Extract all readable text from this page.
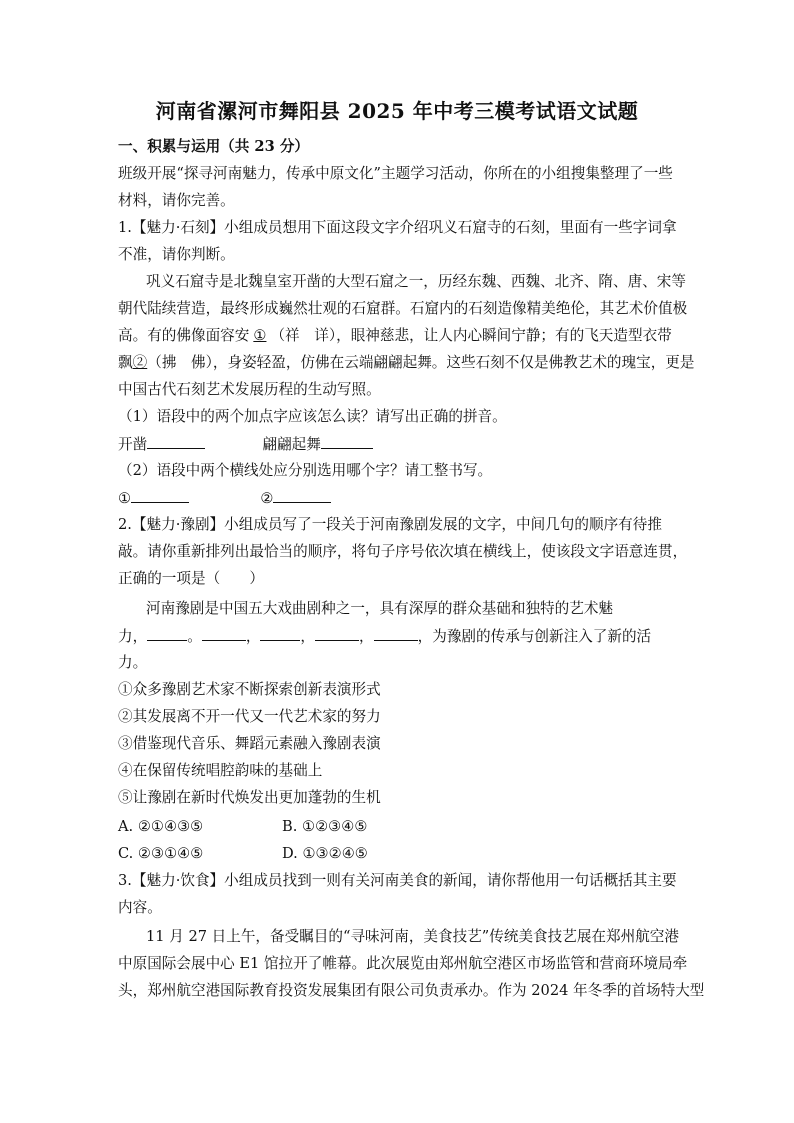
河南省漯河市舞阳县 2025 年中考三模考试语文试题
一、积累与运用（共 23 分）
班级开展“探寻河南魅力，传承中原文化”主题学习活动，你所在的小组搜集整理了一些
材料，请你完善。
1.【魅力·石刻】小组成员想用下面这段文字介绍巩义石窟寺的石刻，里面有一些字词拿
不准，请你判断。
巩义石窟寺是北魏皇室开凿的大型石窟之一，历经东魏、西魏、北齐、隋、唐、宋等
朝代陆续营造，最终形成巍然壮观的石窟群。石窟内的石刻造像精美绝伦，其艺术价值极
高。有的佛像面容安 ① （祥　详），眼神慈悲，让人内心瞬间宁静；有的飞天造型衣带
飘②（拂　佛），身姿轻盈，仿佛在云端翩翩起舞。这些石刻不仅是佛教艺术的瑰宝，更是
中国古代石刻艺术发展历程的生动写照。
（1）语段中的两个加点字应该怎么读？请写出正确的拼音。
开凿	翩翩起舞
（2）语段中两个横线处应分别选用哪个字？请工整书写。
①	②
2.【魅力·豫剧】小组成员写了一段关于河南豫剧发展的文字，中间几句的顺序有待推
敲。请你重新排列出最恰当的顺序，将句子序号依次填在横线上，使该段文字语意连贯，
正确的一项是（　　）
河南豫剧是中国五大戏曲剧种之一，具有深厚的群众基础和独特的艺术魅
力，	。	，	，	，	，为豫剧的传承与创新注入了新的活
力。
①众多豫剧艺术家不断探索创新表演形式
②其发展离不开一代又一代艺术家的努力
③借鉴现代音乐、舞蹈元素融入豫剧表演
④在保留传统唱腔韵味的基础上
⑤让豫剧在新时代焕发出更加蓬勃的生机
A. ②①④③⑤	B. ①②③④⑤
C. ②③①④⑤	D. ①③②④⑤
3.【魅力·饮食】小组成员找到一则有关河南美食的新闻，请你帮他用一句话概括其主要
内容。
11 月 27 日上午，备受瞩目的“寻味河南，美食技艺”传统美食技艺展在郑州航空港
中原国际会展中心 E1 馆拉开了帷幕。此次展览由郑州航空港区市场监管和营商环境局牵
头，郑州航空港国际教育投资发展集团有限公司负责承办。作为 2024 年冬季的首场特大型
